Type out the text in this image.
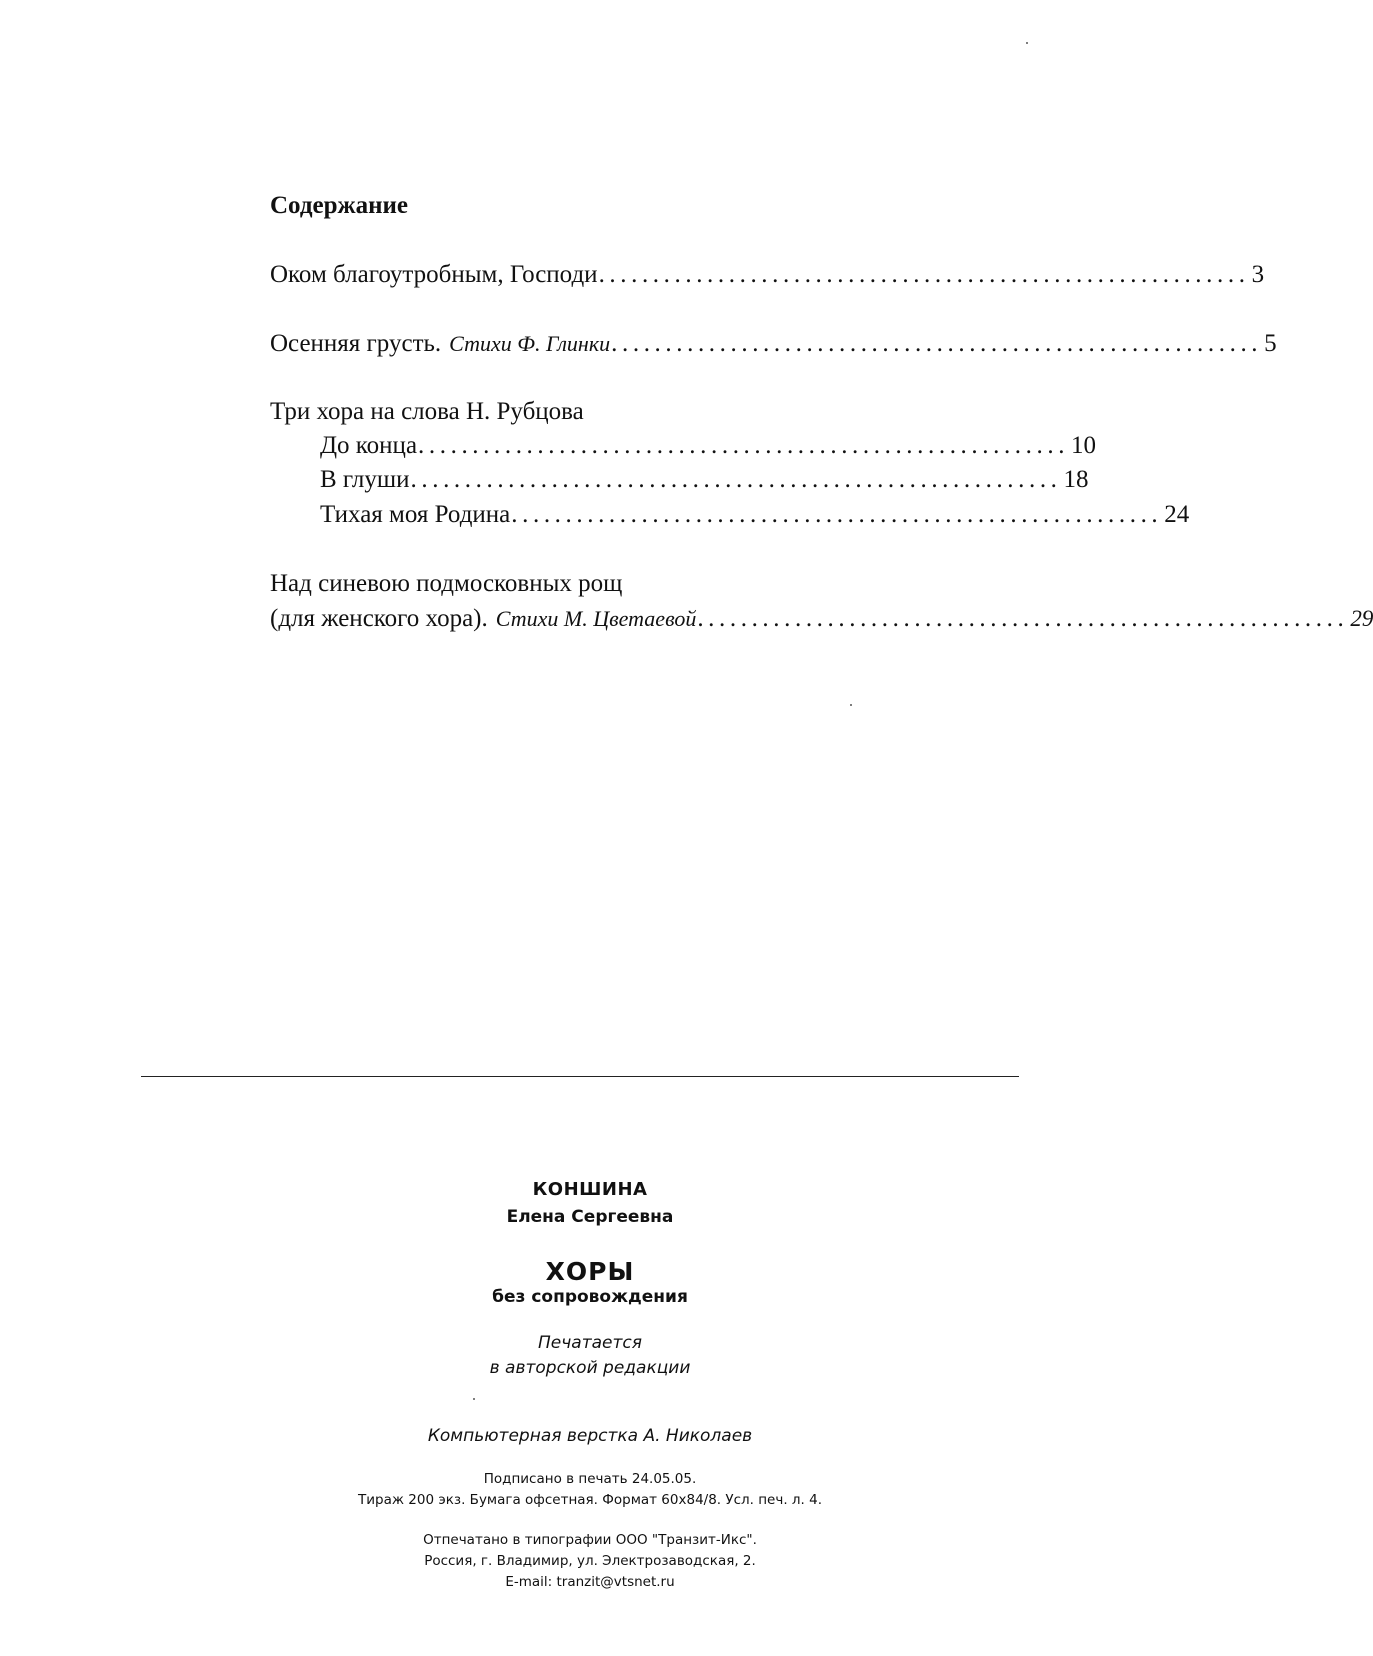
Содержание
Оком благоутробным, Господи ............................................................ 3
Осенняя грусть. Стихи Ф. Глинки ............................................................ 5
Три хора на слова Н. Рубцова
До конца ............................................................ 10
В глуши ............................................................ 18
Тихая моя Родина ............................................................ 24
Над синевою подмосковных рощ
(для женского хора). Стихи М. Цветаевой ............................................................ 29
КОНШИНА
Елена Сергеевна
ХОРЫ
без сопровождения
Печатается
в авторской редакции
Компьютерная верстка А. Николаев
Подписано в печать 24.05.05.
Тираж 200 экз. Бумага офсетная. Формат 60х84/8. Усл. печ. л. 4.
Отпечатано в типографии ООО "Транзит-Икс".
Россия, г. Владимир, ул. Электрозаводская, 2.
E-mail: tranzit@vtsnet.ru
